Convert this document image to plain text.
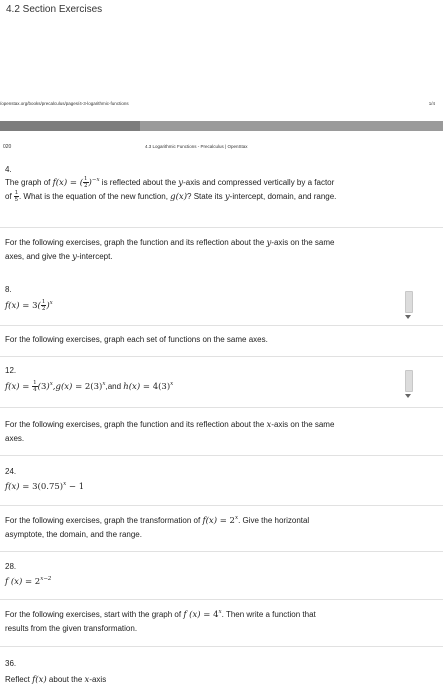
4.2 Section Exercises
/openstax.org/books/precalculus/pages/4-3-logarithmic-functions	1/4
020	4.3 Logarithmic Functions - Precalculus | OpenStax
4.
The graph of f(x) = ( $\frac{1}{2} )^{-x}$ is reflected about the y-axis and compressed vertically by a factor
of $\frac{1}{5}$ . What is the equation of the new function, g(x)? State its y-intercept, domain, and range.
For the following exercises, graph the function and its reflection about the y-axis on the same
axes, and give the y-intercept.
8.
$f(x) = 3( \frac{1}{2} )^x$
For the following exercises, graph each set of functions on the same axes.
12.
$f(x) = \frac{1}{4} (3)^x,g(x) = 2(3)^x,and$ $h(x) = 4(3)^x$
For the following exercises, graph the function and its reflection about the x-axis on the same
axes.
24.
$f(x) = 3(0.75)^x - 1$
For the following exercises, graph the transformation of $f(x) = 2^x$. Give the horizontal
asymptote, the domain, and the range.
28.
f $(x) = 2^{x-2}$
For the following exercises, start with the graph of f $(x) = 4^x$. Then write a function that
results from the given transformation.
36.
Reflect f(x) about the x-axis
